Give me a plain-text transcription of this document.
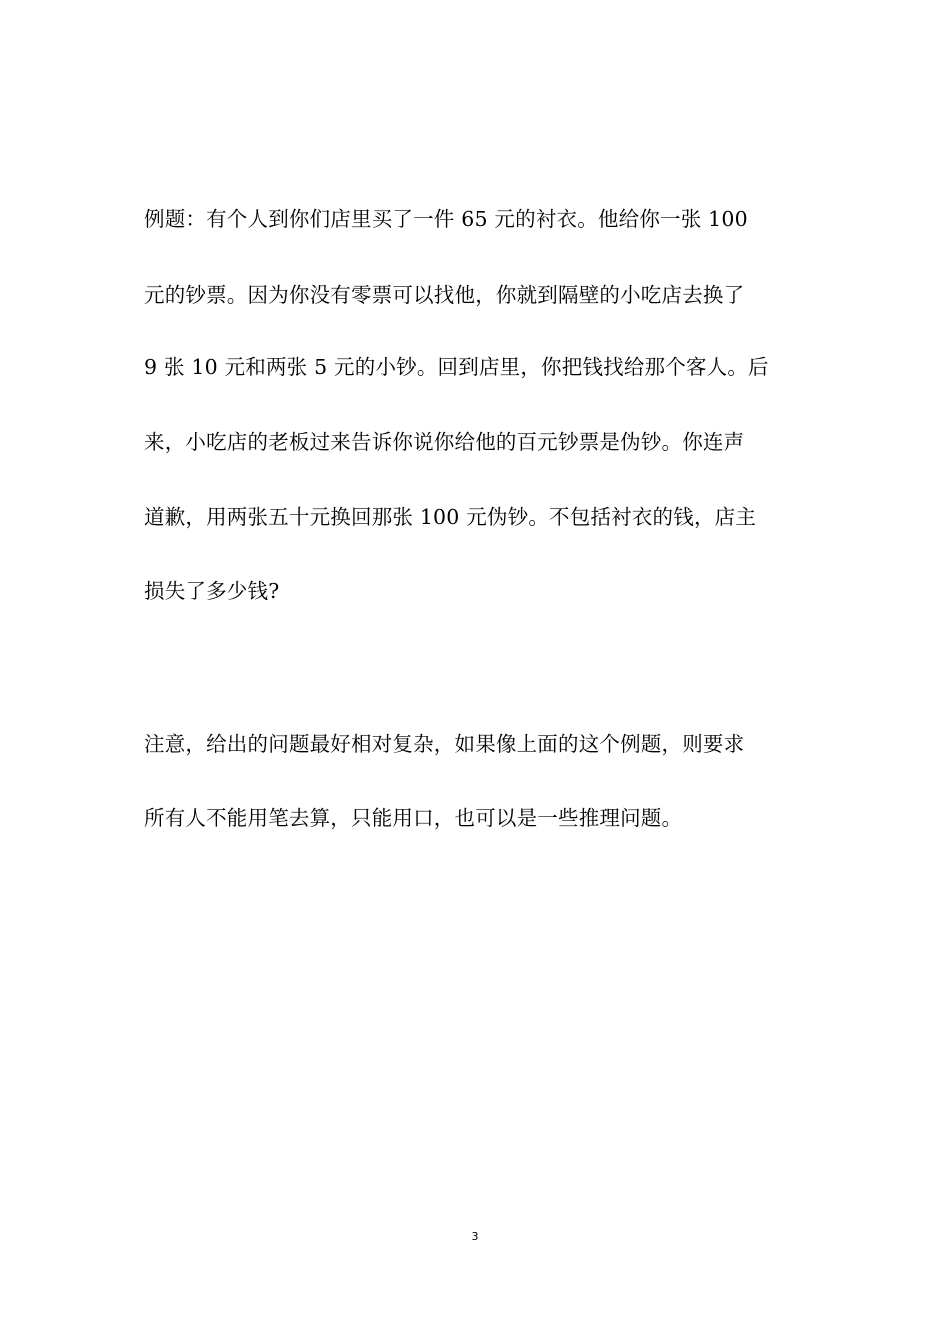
例题：有个人到你们店里买了一件 65 元的衬衣。他给你一张 100
元的钞票。因为你没有零票可以找他，你就到隔壁的小吃店去换了
9 张 10 元和两张 5 元的小钞。回到店里，你把钱找给那个客人。后
来，小吃店的老板过来告诉你说你给他的百元钞票是伪钞。你连声
道歉，用两张五十元换回那张 100 元伪钞。不包括衬衣的钱，店主
损失了多少钱?
注意，给出的问题最好相对复杂，如果像上面的这个例题，则要求
所有人不能用笔去算，只能用口，也可以是一些推理问题。
3
